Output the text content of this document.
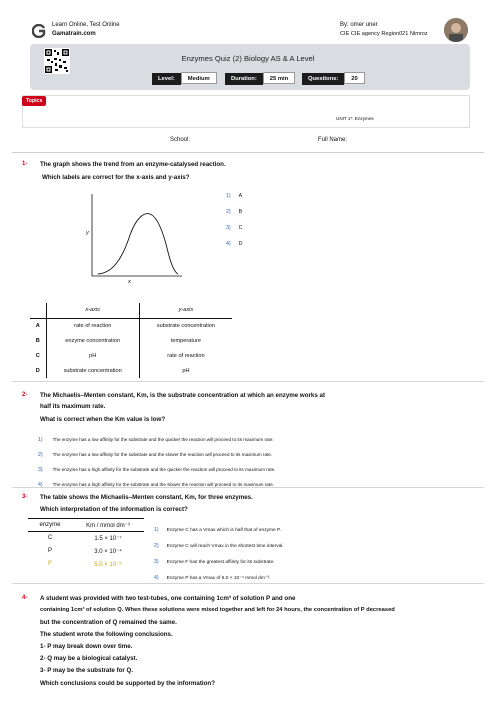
Learn Online, Test Online
Gamatrain.com
By: omer uner
CIE CIE agency Region021 Nimroz
Enzymes Quiz (2) Biology AS & A Level
Level: Medium	Duration: 25 min	Questions: 20
Topics
UNIT 1*: Enzymes
School:	Full Name:
1- The graph shows the trend from an enzyme-catalysed reaction.
Which labels are correct for the x-axis and y-axis?
y
x
1) A
2) B
3) C
4) D
	x-axis	y-axis
A	rate of reaction	substrate concentration
B	enzyme concentration	temperature
C	pH	rate of reaction
D	substrate concentration	pH
2- The Michaelis–Menten constant, Km, is the substrate concentration at which an enzyme works at
half its maximum rate.
What is correct when the Km value is low?
1) The enzyme has a low affinity for the substrate and the quicker the reaction will proceed to its maximum rate.
2) The enzyme has a low affinity for the substrate and the slower the reaction will proceed to its maximum rate.
3) The enzyme has a high affinity for the substrate and the quicker the reaction will proceed to its maximum rate.
4) The enzyme has a high affinity for the substrate and the slower the reaction will proceed to its maximum rate.
3- The table shows the Michaelis–Menten constant, Km, for three enzymes.
Which interpretation of the information is correct?
enzyme	Km / mmol dm⁻³
C	1.5 × 10⁻⁷
P	3.0 × 10⁻⁴
F	5.0 × 10⁻⁵
1) Enzyme C has a Vmax which is half that of enzyme P.
2) Enzyme C will reach Vmax in the shortest time interval.
3) Enzyme F has the greatest affinity for its substrate.
4) Enzyme P has a Vmax of 6.0 × 10⁻⁴ mmol dm⁻³.
4- A student was provided with two test-tubes, one containing 1cm³ of solution P and one
containing 1cm³ of solution Q. When these solutions were mixed together and left for 24 hours, the concentration of P decreased
but the concentration of Q remained the same.
The student wrote the following conclusions.
1- P may break down over time.
2- Q may be a biological catalyst.
3- P may be the substrate for Q.
Which conclusions could be supported by the information?
